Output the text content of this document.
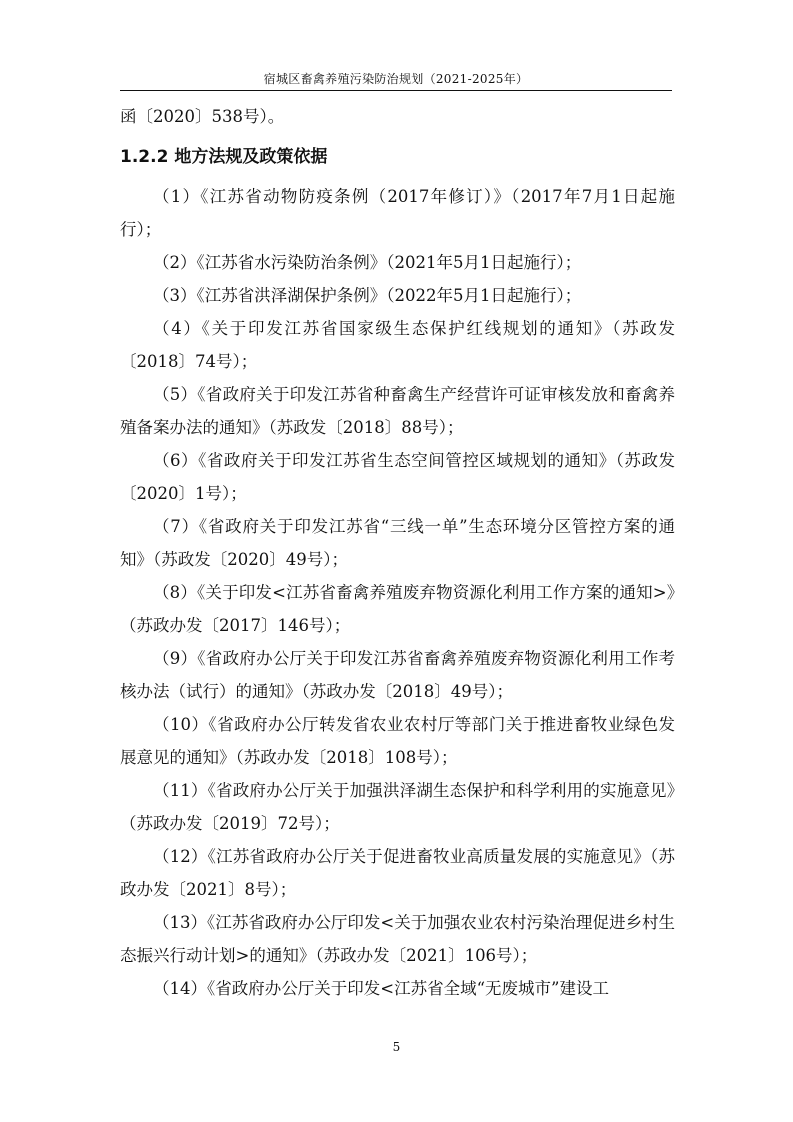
宿城区畜禽养殖污染防治规划（2021-2025年）

函〔2020〕538号）。

1.2.2 地方法规及政策依据

（1）《江苏省动物防疫条例（2017年修订）》（2017年7月1日起施行）；

（2）《江苏省水污染防治条例》（2021年5月1日起施行）；

（3）《江苏省洪泽湖保护条例》（2022年5月1日起施行）；

（4）《关于印发江苏省国家级生态保护红线规划的通知》（苏政发〔2018〕74号）；

（5）《省政府关于印发江苏省种畜禽生产经营许可证审核发放和畜禽养殖备案办法的通知》（苏政发〔2018〕88号）；

（6）《省政府关于印发江苏省生态空间管控区域规划的通知》（苏政发〔2020〕1号）；

（7）《省政府关于印发江苏省“三线一单”生态环境分区管控方案的通知》（苏政发〔2020〕49号）；

（8）《关于印发<江苏省畜禽养殖废弃物资源化利用工作方案的通知>》（苏政办发〔2017〕146号）；

（9）《省政府办公厅关于印发江苏省畜禽养殖废弃物资源化利用工作考核办法（试行）的通知》（苏政办发〔2018〕49号）；

（10）《省政府办公厅转发省农业农村厅等部门关于推进畜牧业绿色发展意见的通知》（苏政办发〔2018〕108号）；

（11）《省政府办公厅关于加强洪泽湖生态保护和科学利用的实施意见》（苏政办发〔2019〕72号）；

（12）《江苏省政府办公厅关于促进畜牧业高质量发展的实施意见》（苏政办发〔2021〕8号）；

（13）《江苏省政府办公厅印发<关于加强农业农村污染治理促进乡村生态振兴行动计划>的通知》（苏政办发〔2021〕106号）；

（14）《省政府办公厅关于印发<江苏省全域“无废城市”建设工

5
